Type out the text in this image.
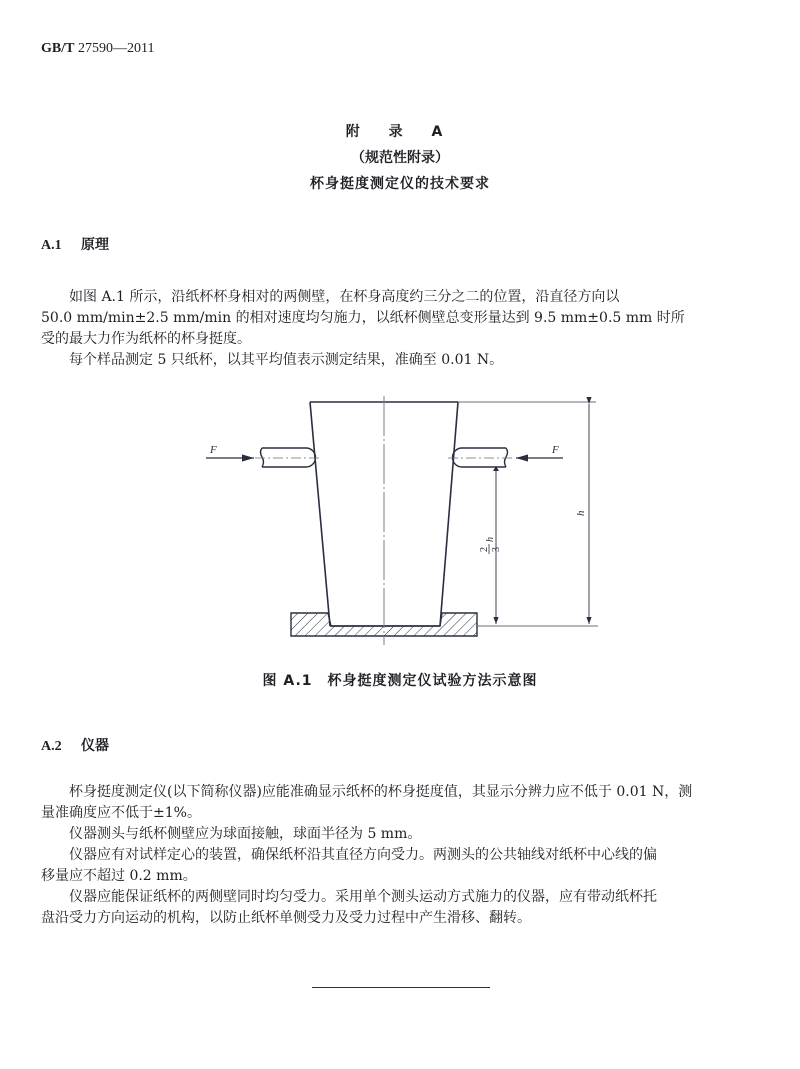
GB/T 27590—2011
附 录 A
（规范性附录）
杯身挺度测定仪的技术要求
A.1 原理
如图 A.1 所示，沿纸杯杯身相对的两侧壁，在杯身高度约三分之二的位置，沿直径方向以
50.0 mm/min±2.5 mm/min 的相对速度均匀施力，以纸杯侧壁总变形量达到 9.5 mm±0.5 mm 时所
受的最大力作为纸杯的杯身挺度。
每个样品测定 5 只纸杯，以其平均值表示测定结果，准确至 0.01 N。
F	F
h
2 3
h
图 A.1　杯身挺度测定仪试验方法示意图
A.2 仪器
杯身挺度测定仪(以下简称仪器)应能准确显示纸杯的杯身挺度值，其显示分辨力应不低于 0.01 N，测
量准确度应不低于±1%。
仪器测头与纸杯侧壁应为球面接触，球面半径为 5 mm。
仪器应有对试样定心的装置，确保纸杯沿其直径方向受力。两测头的公共轴线对纸杯中心线的偏
移量应不超过 0.2 mm。
仪器应能保证纸杯的两侧壁同时均匀受力。采用单个测头运动方式施力的仪器，应有带动纸杯托
盘沿受力方向运动的机构，以防止纸杯单侧受力及受力过程中产生滑移、翻转。
